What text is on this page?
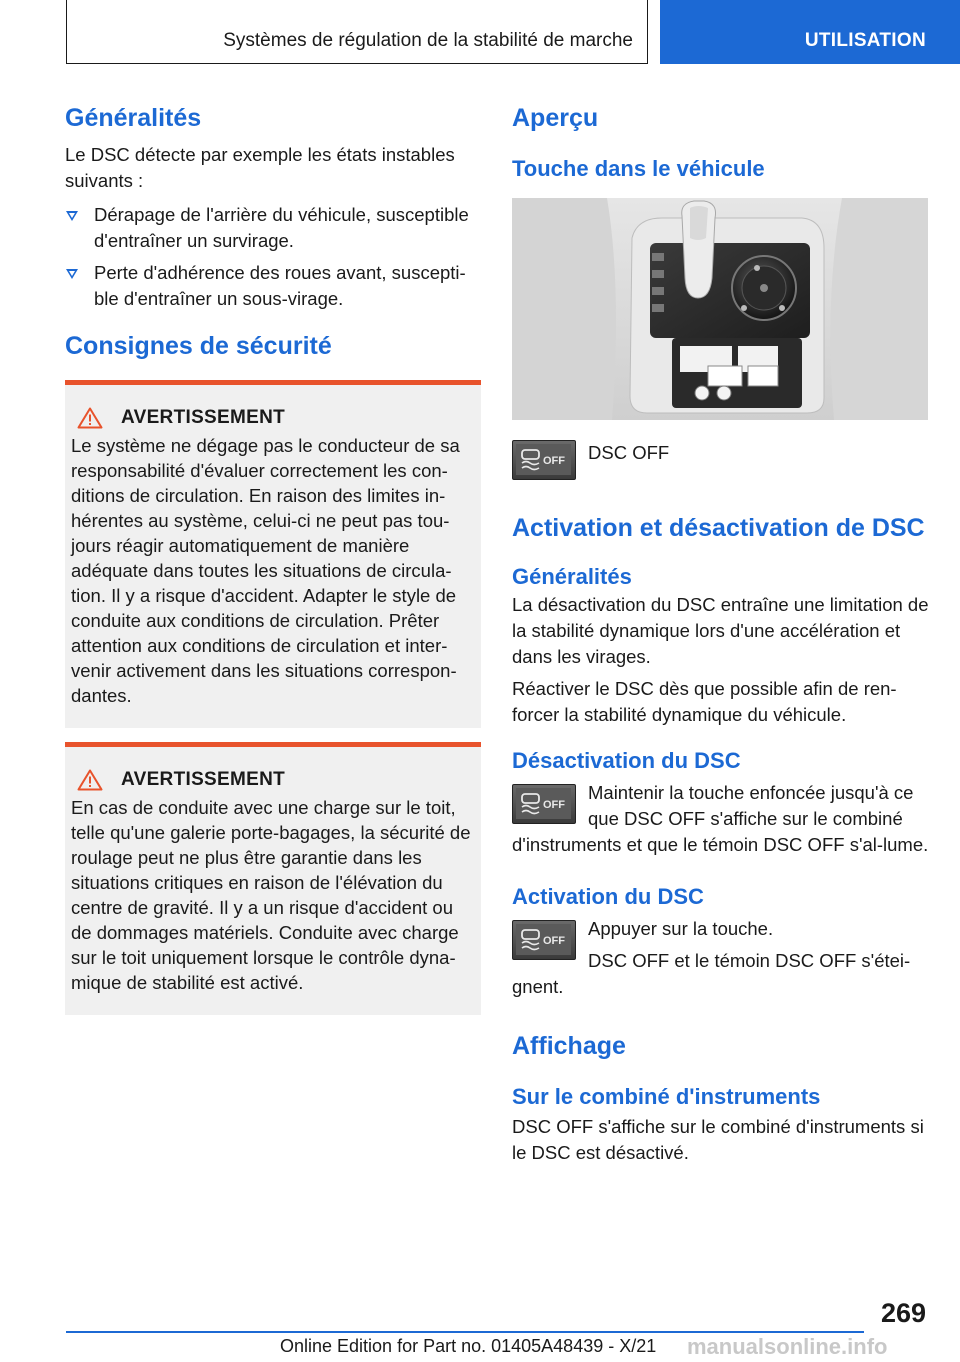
Systèmes de régulation de la stabilité de marche	UTILISATION
Généralités

Le DSC détecte par exemple les états instables suivants :

Dérapage de l'arrière du véhicule, susceptible d'entraîner un survirage.
Perte d'adhérence des roues avant, suscepti‐ble d'entraîner un sous-virage.
Consignes de sécurité
AVERTISSEMENT

Le système ne dégage pas le conducteur de sa responsabilité d'évaluer correctement les con‐ditions de circulation. En raison des limites in‐hérentes au système, celui-ci ne peut pas tou‐jours réagir automatiquement de manière adéquate dans toutes les situations de circula‐tion. Il y a risque d'accident. Adapter le style de conduite aux conditions de circulation. Prêter attention aux conditions de circulation et inter‐venir activement dans les situations correspon‐dantes.

AVERTISSEMENT

En cas de conduite avec une charge sur le toit, telle qu'une galerie porte-bagages, la sécurité de roulage peut ne plus être garantie dans les situations critiques en raison de l'élévation du centre de gravité. Il y a un risque d'accident ou de dommages matériels. Conduite avec charge sur le toit uniquement lorsque le contrôle dyna‐mique de stabilité est activé.

Aperçu
Touche dans le véhicule
OFF	DSC OFF

Activation et désactivation de DSC
Généralités

La désactivation du DSC entraîne une limitation de la stabilité dynamique lors d'une accélération et dans les virages.

Réactiver le DSC dès que possible afin de ren‐forcer la stabilité dynamique du véhicule.

Désactivation du DSC
OFF

Maintenir la touche enfoncée jusqu'à ce que DSC OFF s'affiche sur le combiné d'instruments et que le témoin DSC OFF s'al‐lume.

Activation du DSC
OFF

Appuyer sur la touche.

DSC OFF et le témoin DSC OFF s'étei‐gnent.

Affichage
Sur le combiné d'instruments

DSC OFF s'affiche sur le combiné d'instruments si le DSC est désactivé.

269
Online Edition for Part no. 01405A48439 - X/21 manualsonline.info
